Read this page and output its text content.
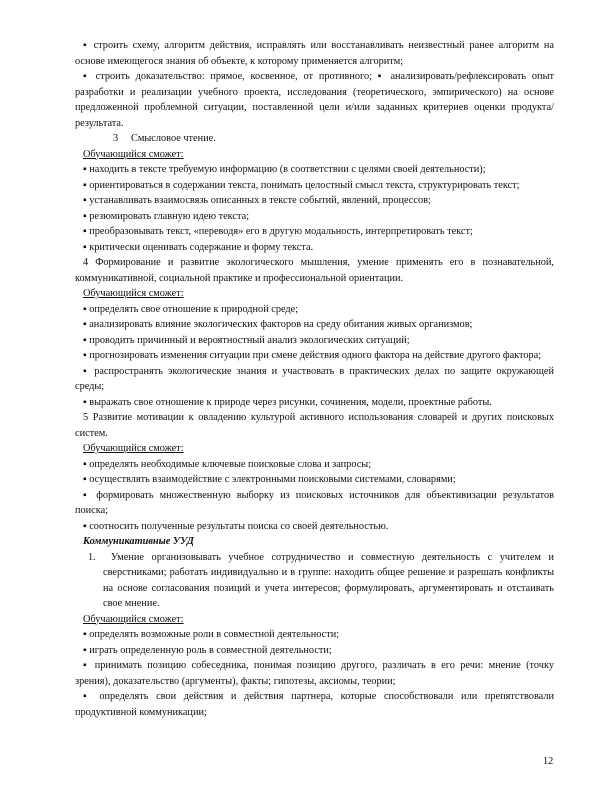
▪ строить схему, алгоритм действия, исправлять или восстанавливать неизвестный ранее алгоритм на основе имеющегося знания об объекте, к которому применяется алгоритм;

▪ строить доказательство: прямое, косвенное, от противного; ▪ анализировать/рефлексировать опыт разработки и реализации учебного проекта, исследования (теоретического, эмпирического) на основе предложенной проблемной ситуации, поставленной цели и/или заданных критериев оценки продукта/результата.

3 Смысловое чтение.

Обучающийся сможет:

▪ находить в тексте требуемую информацию (в соответствии с целями своей деятельности);

▪ ориентироваться в содержании текста, понимать целостный смысл текста, структурировать текст;

▪ устанавливать взаимосвязь описанных в тексте событий, явлений, процессов;

▪ резюмировать главную идею текста;

▪ преобразовывать текст, «переводя» его в другую модальность, интерпретировать текст;

▪ критически оценивать содержание и форму текста.

4 Формирование и развитие экологического мышления, умение применять его в познавательной, коммуникативной, социальной практике и профессиональной ориентации.

Обучающийся сможет:

▪ определять свое отношение к природной среде;

▪ анализировать влияние экологических факторов на среду обитания живых организмов;

▪ проводить причинный и вероятностный анализ экологических ситуаций;

▪ прогнозировать изменения ситуации при смене действия одного фактора на действие другого фактора;

▪ распространять экологические знания и участвовать в практических делах по защите окружающей среды;

▪ выражать свое отношение к природе через рисунки, сочинения, модели, проектные работы.

5 Развитие мотивации к овладению культурой активного использования словарей и других поисковых систем.

Обучающийся сможет:

▪ определять необходимые ключевые поисковые слова и запросы;

▪ осуществлять взаимодействие с электронными поисковыми системами, словарями;

▪ формировать множественную выборку из поисковых источников для объективизации результатов поиска;

▪ соотносить полученные результаты поиска со своей деятельностью.

Коммуникативные УУД

1. Умение организовывать учебное сотрудничество и совместную деятельность с учителем и сверстниками; работать индивидуально и в группе: находить общее решение и разрешать конфликты на основе согласования позиций и учета интересов; формулировать, аргументировать и отстаивать свое мнение.

Обучающийся сможет:

▪ определять возможные роли в совместной деятельности;

▪ играть определенную роль в совместной деятельности;

▪ принимать позицию собеседника, понимая позицию другого, различать в его речи: мнение (точку зрения), доказательство (аргументы), факты; гипотезы, аксиомы, теории;

▪ определять свои действия и действия партнера, которые способствовали или препятствовали продуктивной коммуникации;

12
